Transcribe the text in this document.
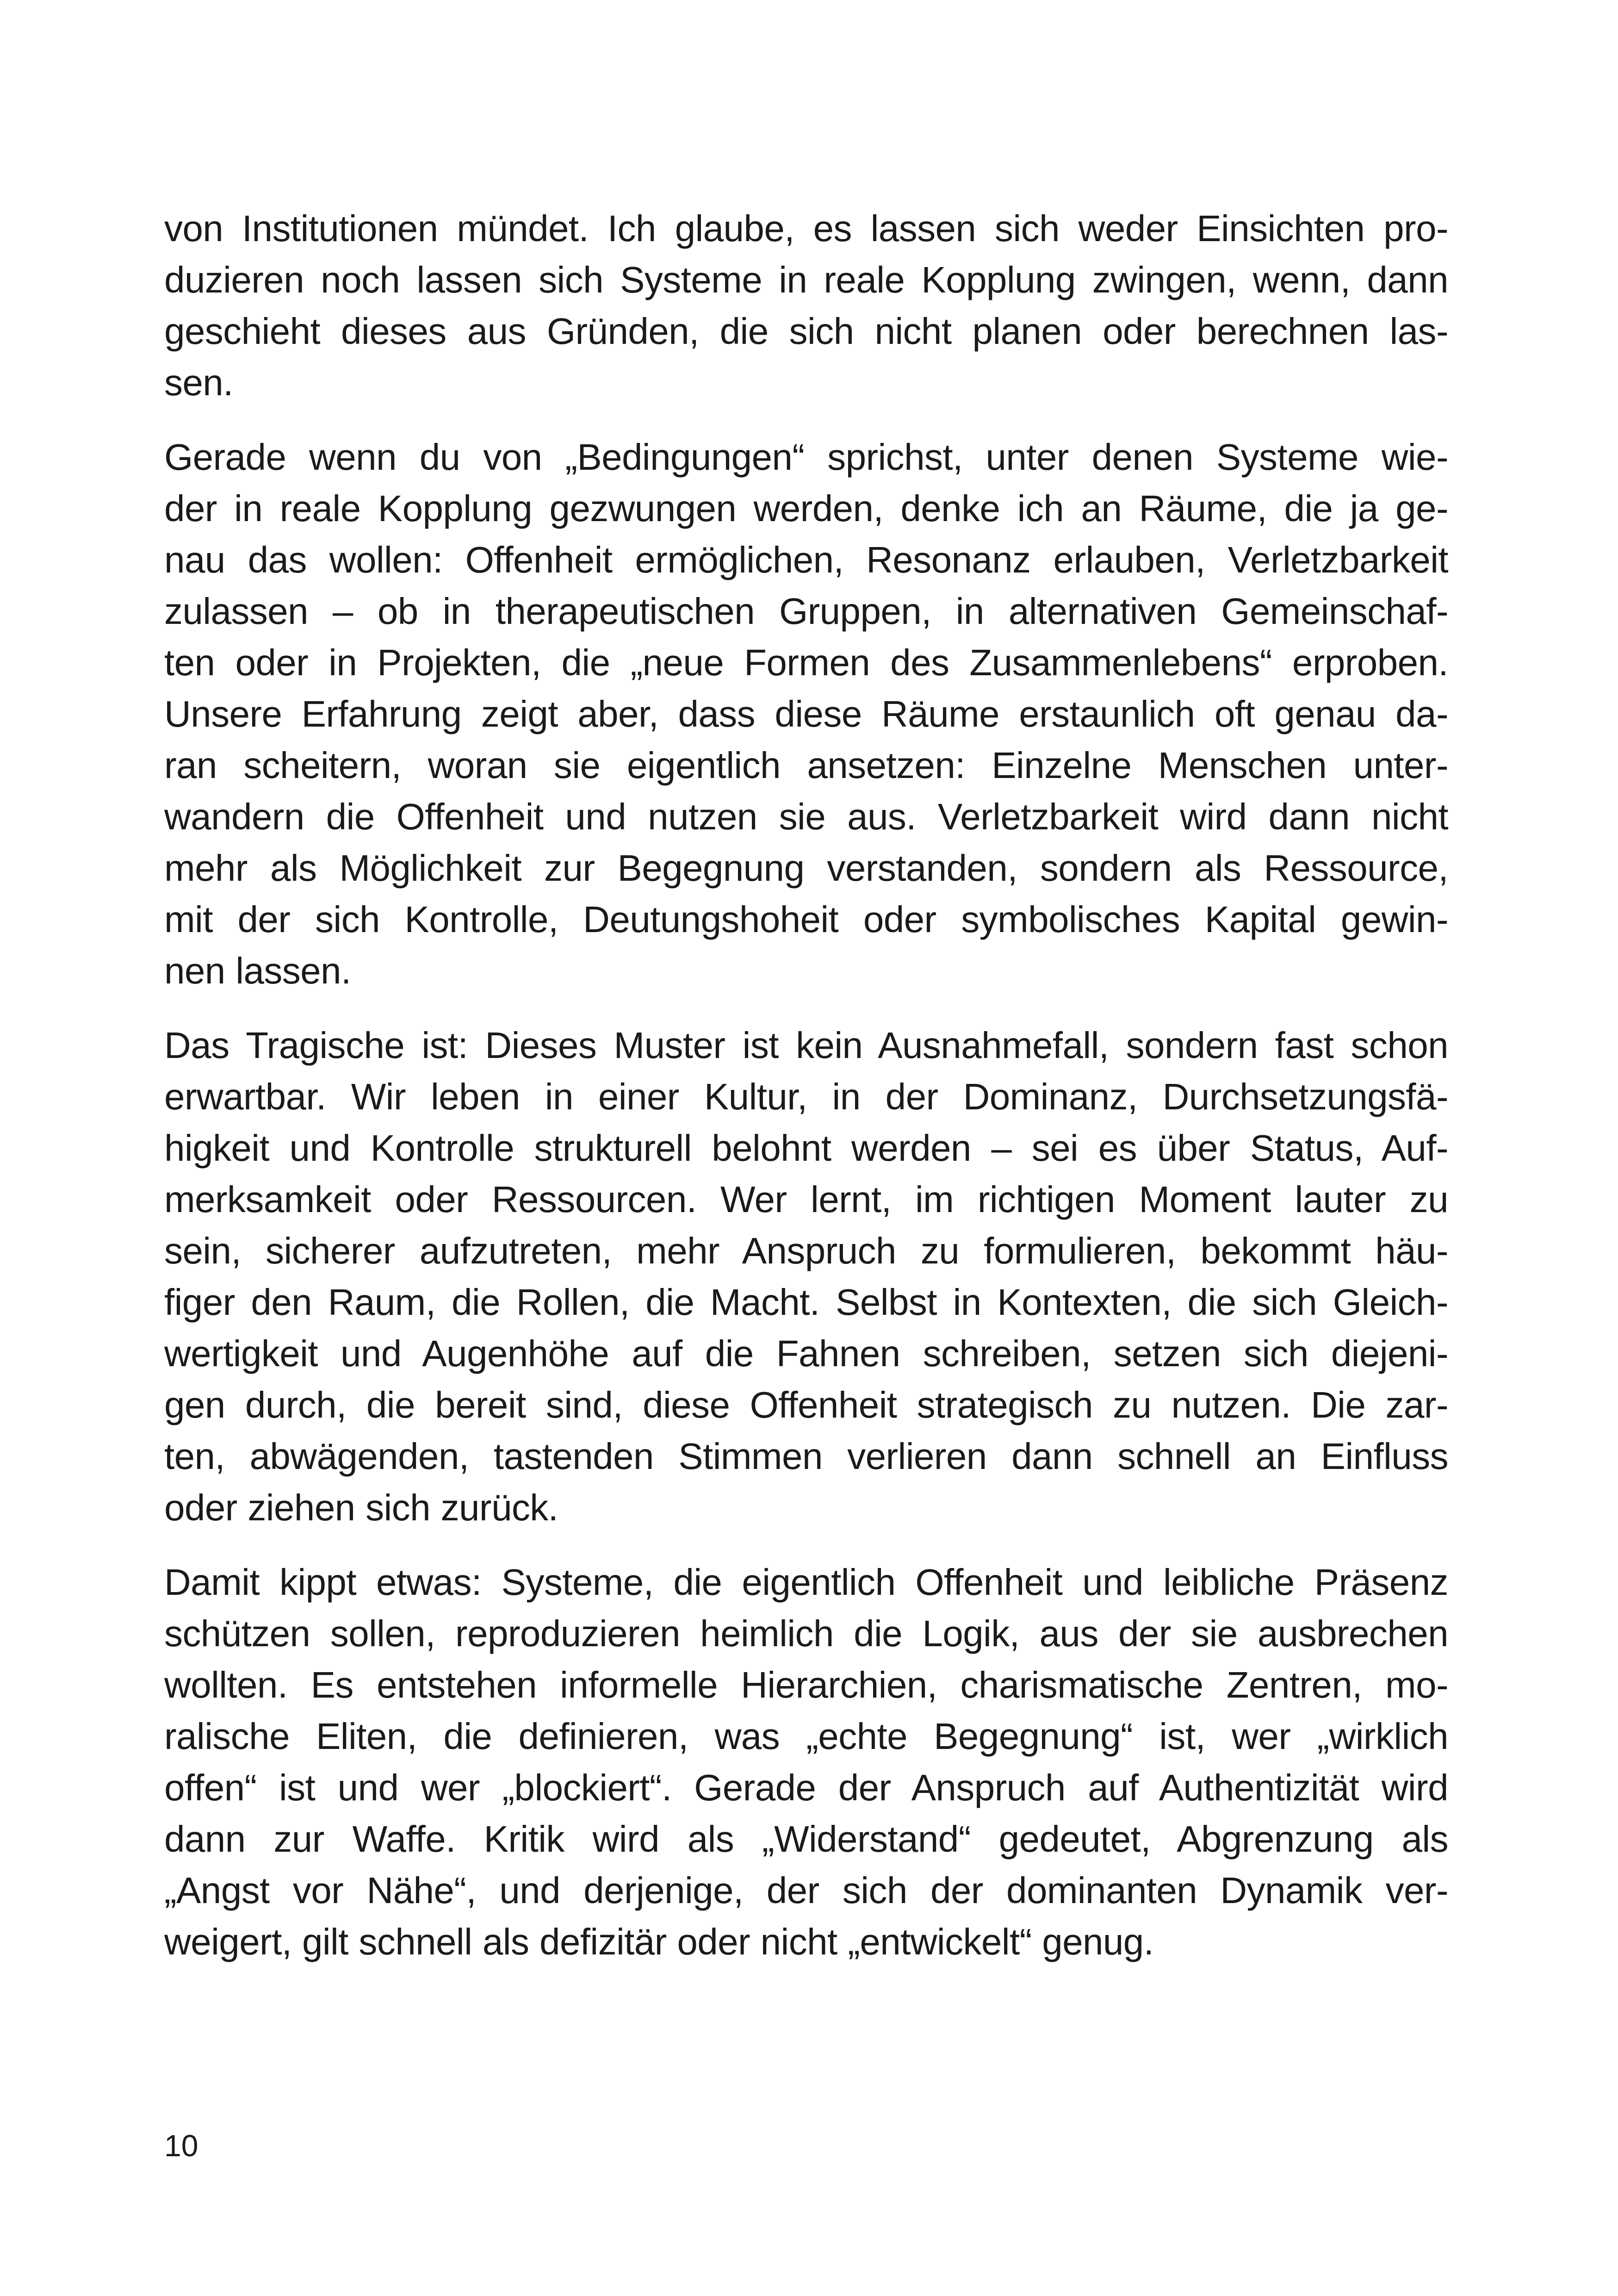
von Institutionen mündet. Ich glaube, es lassen sich weder Einsichten pro-
duzieren noch lassen sich Systeme in reale Kopplung zwingen, wenn, dann
geschieht dieses aus Gründen, die sich nicht planen oder berechnen las-
sen.
Gerade wenn du von „Bedingungen“ sprichst, unter denen Systeme wie-
der in reale Kopplung gezwungen werden, denke ich an Räume, die ja ge-
nau das wollen: Offenheit ermöglichen, Resonanz erlauben, Verletzbarkeit
zulassen – ob in therapeutischen Gruppen, in alternativen Gemeinschaf-
ten oder in Projekten, die „neue Formen des Zusammenlebens“ erproben.
Unsere Erfahrung zeigt aber, dass diese Räume erstaunlich oft genau da-
ran scheitern, woran sie eigentlich ansetzen: Einzelne Menschen unter-
wandern die Offenheit und nutzen sie aus. Verletzbarkeit wird dann nicht
mehr als Möglichkeit zur Begegnung verstanden, sondern als Ressource,
mit der sich Kontrolle, Deutungshoheit oder symbolisches Kapital gewin-
nen lassen.
Das Tragische ist: Dieses Muster ist kein Ausnahmefall, sondern fast schon
erwartbar. Wir leben in einer Kultur, in der Dominanz, Durchsetzungsfä-
higkeit und Kontrolle strukturell belohnt werden – sei es über Status, Auf-
merksamkeit oder Ressourcen. Wer lernt, im richtigen Moment lauter zu
sein, sicherer aufzutreten, mehr Anspruch zu formulieren, bekommt häu-
figer den Raum, die Rollen, die Macht. Selbst in Kontexten, die sich Gleich-
wertigkeit und Augenhöhe auf die Fahnen schreiben, setzen sich diejeni-
gen durch, die bereit sind, diese Offenheit strategisch zu nutzen. Die zar-
ten, abwägenden, tastenden Stimmen verlieren dann schnell an Einfluss
oder ziehen sich zurück.
Damit kippt etwas: Systeme, die eigentlich Offenheit und leibliche Präsenz
schützen sollen, reproduzieren heimlich die Logik, aus der sie ausbrechen
wollten. Es entstehen informelle Hierarchien, charismatische Zentren, mo-
ralische Eliten, die definieren, was „echte Begegnung“ ist, wer „wirklich
offen“ ist und wer „blockiert“. Gerade der Anspruch auf Authentizität wird
dann zur Waffe. Kritik wird als „Widerstand“ gedeutet, Abgrenzung als
„Angst vor Nähe“, und derjenige, der sich der dominanten Dynamik ver-
weigert, gilt schnell als defizitär oder nicht „entwickelt“ genug.
10
